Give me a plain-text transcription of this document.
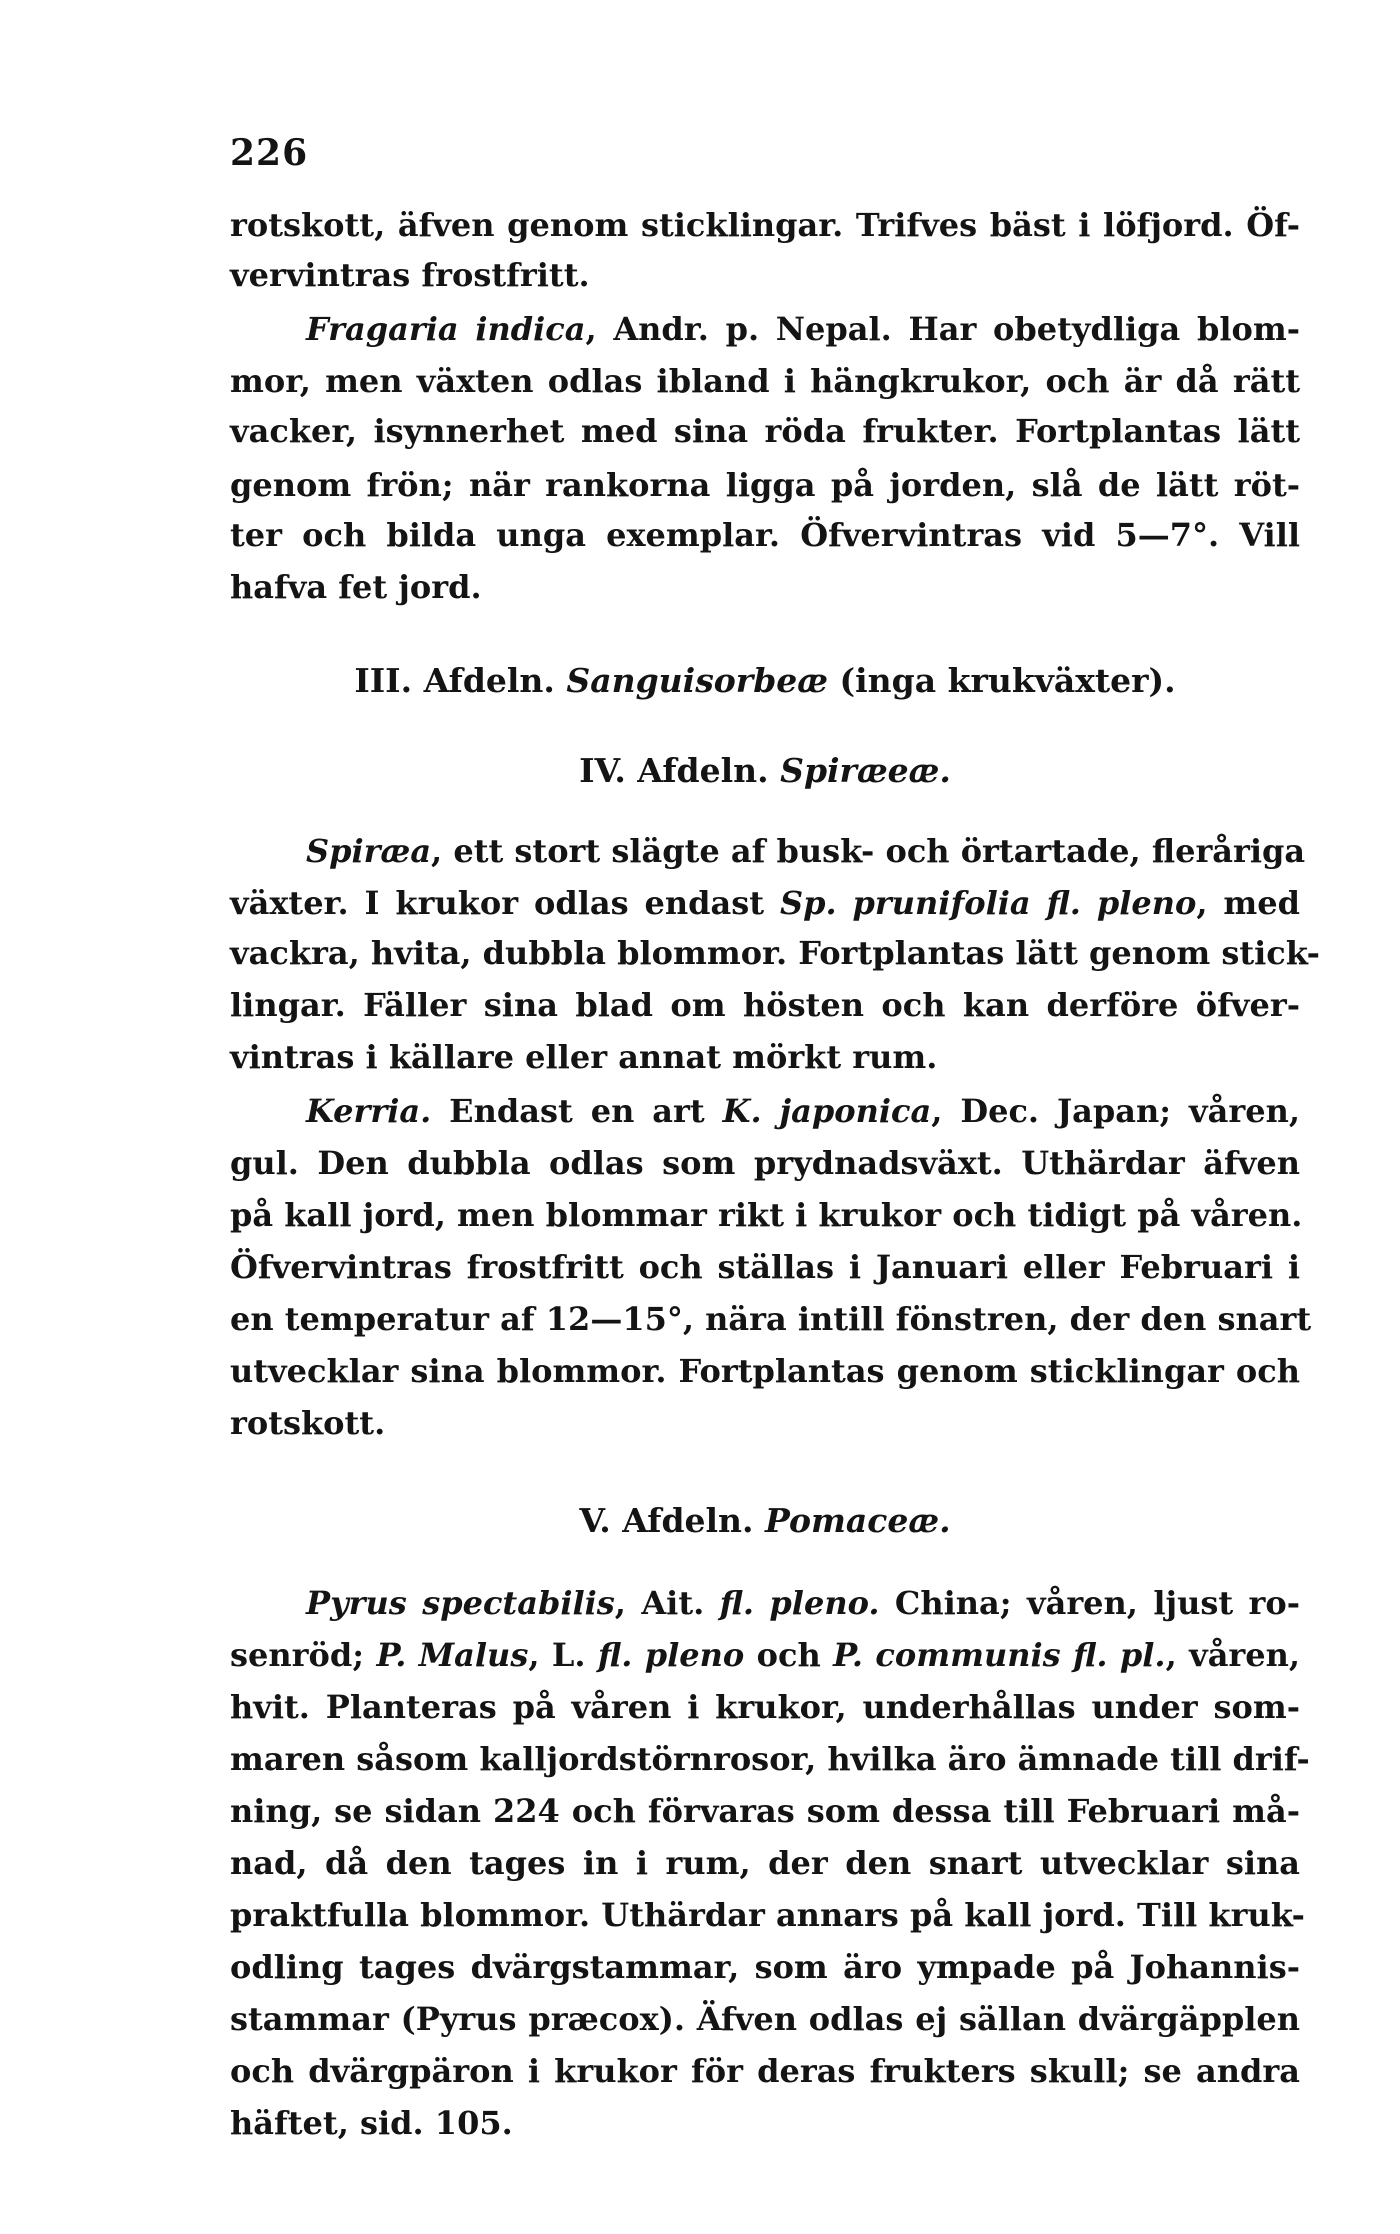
226
rotskott, äfven genom sticklingar. Trifves bäst i löfjord. Öf-
vervintras frostfritt.
Fragaria indica, Andr. p. Nepal. Har obetydliga blom-
mor, men växten odlas ibland i hängkrukor, och är då rätt
vacker, isynnerhet med sina röda frukter. Fortplantas lätt
genom frön; när rankorna ligga på jorden, slå de lätt röt-
ter och bilda unga exemplar. Öfvervintras vid 5—7°. Vill
hafva fet jord.
III. Afdeln. Sanguisorbeæ (inga krukväxter).
IV. Afdeln. Spiræeæ.
Spiræa, ett stort slägte af busk- och örtartade, fleråriga
växter. I krukor odlas endast Sp. prunifolia fl. pleno, med
vackra, hvita, dubbla blommor. Fortplantas lätt genom stick-
lingar. Fäller sina blad om hösten och kan derföre öfver-
vintras i källare eller annat mörkt rum.
Kerria. Endast en art K. japonica, Dec. Japan; våren,
gul. Den dubbla odlas som prydnadsväxt. Uthärdar äfven
på kall jord, men blommar rikt i krukor och tidigt på våren.
Öfvervintras frostfritt och ställas i Januari eller Februari i
en temperatur af 12—15°, nära intill fönstren, der den snart
utvecklar sina blommor. Fortplantas genom sticklingar och
rotskott.
V. Afdeln. Pomaceæ.
Pyrus spectabilis, Ait. fl. pleno. China; våren, ljust ro-
senröd; P. Malus, L. fl. pleno och P. communis fl. pl., våren,
hvit. Planteras på våren i krukor, underhållas under som-
maren såsom kalljordstörnrosor, hvilka äro ämnade till drif-
ning, se sidan 224 och förvaras som dessa till Februari må-
nad, då den tages in i rum, der den snart utvecklar sina
praktfulla blommor. Uthärdar annars på kall jord. Till kruk-
odling tages dvärgstammar, som äro ympade på Johannis-
stammar (Pyrus præcox). Äfven odlas ej sällan dvärgäpplen
och dvärgpäron i krukor för deras frukters skull; se andra
häftet, sid. 105.
